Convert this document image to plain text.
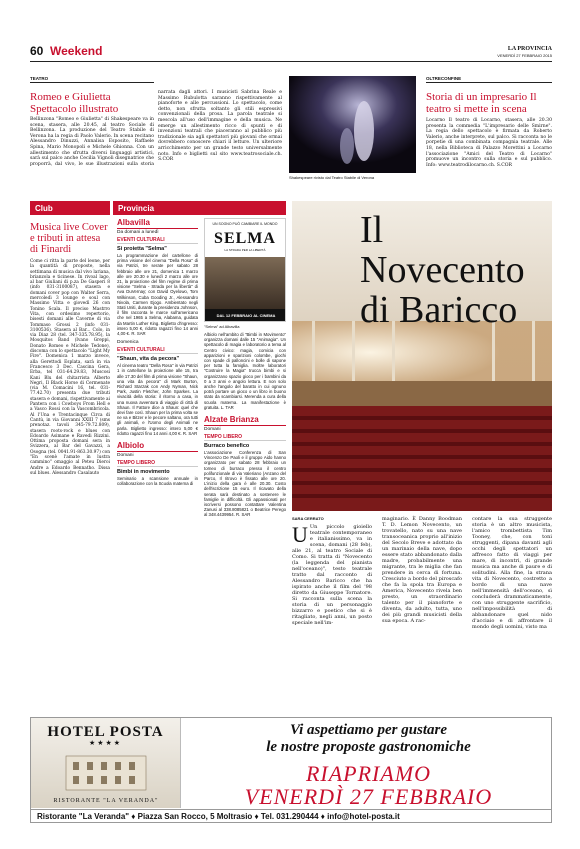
60 Weekend	LA PROVINCIA
VENERDÌ 27 FEBBRAIO 2015
TEATRO
Romeo e Giulietta Spettacolo illustrato
Bellinzona "Romeo e Giulietta" di Shakespeare va in scena, stasera, alle 20.45, al teatro Sociale di Bellinzona. La produzione del Teatro Stabile di Verona ha la regia di Paolo Valerio. In scena recitano Alessandro Dinuzzi, Annalisa Esposito, Raffaele Spina, Mario Monopoli e Michele Ghionna. Con un allestimento che sfrutta diversi linguaggi artistici, sarà sul palco anche Cecilia Vignoli disegnatrice che proporrà, dal vivo, le sue illustrazioni sulla storia narrata dagli attori. I musicisti Sabrina Reale e Massimo Rubulotta saranno rispettivamente al pianoforte e alle percussioni. Lo spettacolo, come detto, non sfrutta soltanto gli stili espressivi convenzionali della prosa. La parola teatrale si mescola all'uso dell'immagine e della musica. Ne emerge un allestimento ricco di spunti e di invenzioni teatrali che piaceranno al pubblico più tradizionale sia agli spettatori più giovani che ormai dovrebbero conoscere chiari il letture. Un ulteriore arricchimento per un grande testo universalmente noto. Info e biglietti sul sito www.teatrosociale.ch. S.COR
Shakespeare rivisto dal Teatro Stabile di Verona
OLTRECONFINE
Storia di un impresario Il teatro si mette in scena
Locarno Il teatro di Locarno, stasera, alle 20.30 presenta la commedia "L'impresario delle Smirne". La regia dello spettacolo è firmata da Roberto Valerio, anche interprete, sul palco. Si racconta no le porpetie di una combinata compagnia teatrale. Alle 18, nella Biblioteca di Palazzo Morettini a Locarno l'associazione "Amici del Teatro di Locarno" promuove un incontro sulla storia e sul pubblico. Info: www.teatrodilocarno.ch. S.COR
Club	Provincia
Musica live Cover e tributi in attesa di Finardi
Come ci ritta la parte del leone, per la quantità di proposte, nella settimana di musica dal vivo lariana, brianzola e ticinese. In rivoal lago, al bar Giuliani di p.za De Gasperi 8 (info 031-3100087), stasera e domani cover pop con Walter Serra, mercoledì 3 lounge e soul con Massimo Vitta e giovedì 26 con Tonino Scala. Il preciso Mastrro Vita, con ordesimo repertorio, bisesti domani alle Caverne di via Tommaso Grossi 2 (info 031-3100536). Stasera al Bar... Colo, in via Diaz 28 (tel. 347-335.78.95), la Mosquitos Band (Ivano Greppi, Donato Romeo e Michele Tedone), discoma con lo spettacolo "Light My Fire". Domenica 1 marzo invece, alla Gerettodi Esplata, sarà in via Francesco 3 Dec. Cascina Gera, Erba, tel 031-64.29.83, Muscosi Kani Blu del chitarrista Alberto Negri, Il Black Horse di Cermenate (via M. Comacini 16, tel. 031-77.42.70) presenta due tributi stasera e domani, rispettivamente ai Pantera con i Cowboys From Hell e a Vasco Rossi con la Vascombricola. Al l'Una e Trentacinque Circa di Cantù, in via Giovanni XXIII 7 (sms prenotaz. tavoli 345-79.72.809), stasera roots-rock e blues con Edoardo Asimane e Ravedi Rizzini. Ottima proposta domani sera in Svizzera, al Bar del Gavazzi, a Osogna (tel. 0041.91-863.30.97) con "En scenè l'amate in lustra cammino" omaggio al Peteu Dieroi Andre a Edoardo Bennatho. Dissa sul blues. Alessandro Casalauto
Albavilla
Da domani a lunedì
EVENTI CULTURALI
Si proietta "Selma"
La programmazione del cartellone di prima visione del cinema "Della Rosa" di via Patrizi, tre serate per sabato 28 febbraio alle ore 21, domenica 1 marzo alle ore 20.30 e lunedì 2 marzo alle ore 21, la proiezione del film regime di prima visione "Selma - Strada per la libertà" di Ava DuVernay; con David Oyelowo, Tom Wilkinson, Cuba Gooding Jr., Alessandro Nivola, Carmen Ejogo. Ambientato negli Stati Uniti, durante la presidenza Johnson, il film racconta le marce sull'americano che nel 1965 a Selma, Alabama, guidata da Martin Luther King. Biglietto d'ingresso: intero 5,00 €, ridotto ragazzi fino 14 anni 4,00 €. R. SAR
Domenica
EVENTI CULTURALI
"Shaun, vita da pecora"
Al cinema teatro "Della Rosa" in via Patrizi 1 in cartellone la proiezione alle 15, tra alle 17.30 del film di prima visione "Shaun, una vita da pecora" di Mark Burton, Richard Starzak con Andy Nyman, Nick Park, Justin Fletcher, John Sparkes. La vivacità della storia: il ritorno a casa, in una nuova avventura di viaggio di città di Shaun. Il Fattore dice a Shaun: quel che devi fare così. Shaun per la prima volta se ne va e Bitzer e le pecore saltano, ora tutti gli animali, e l'Uomo degli Animali ne parla. Biglietto ingresso: intero 5,00 € ridotto ragazzi fino 14 anni 4,00 €. R. SAR
Albiolo
Domani
TEMPO LIBERO
Bimbi in movimento
Seminario a scansione annuale in collaborazione con la Scuola materna di
UN SOGNO PUÒ CAMBIARE IL MONDO
SELMA
LA STRADA PER LA LIBERTÀ
DAL 12 FEBBRAIO AL CINEMA
"Selma" ad Albavilla
Albiolo nell'ambito di "Bimbi in Movimento" organizza domani dalle 15 "Animagia". Un spettacolo di magia e laboratorio a tema al Centro civico: magia, comicia con apparizioni e sparizioni colombe, giochi con spade di palloncini e bolle di sapone per tutta la famiglia. Inoltre laboratori "Costruire la Magia" trucca bimbi e si organizzano spazio gioco per i bambini da 0 a 3 anni e angolo lettura. E non solo anche l'angolo del baratto in cui ognuno potrà portare un gioco o un libro in buono stato da scambiarsi. Merenda a cura della scuola materna. La manifestazione è gratuita. L. TAR
Alzate Brianza
Domani
TEMPO LIBERO
Burraco benefico
L'associazione Conferenza di San Vincenzo De Paoli e il gruppo Aido hanno organizzato per sabato 28 febbraio un torneo di burraco presso il centro polifunzionale di via Valeriano (Anzano del Parco, Il ritrovo è fissato alle ore 20. L'inizio della gara è alle 20.30. Costo dell'iscrizione 15 euro. Il ricavato della serata sarà destinato a sostenere le famiglie in difficoltà. Gli appassionati per iscriversi possono contattare Valentina Zanusi al 338.8085821 o Beatrice Perego al 348.4439954. R. SAR
Il Novecento di Baricco
SARA CERRATO
U Un piccolo gioiello teatrale contemporaneo e italianissimo, va in scena, domani (28 feb), alle 21, al teatro Sociale di Como. Si tratta di "Novecento (la leggenda del pianista nell'oceano)", testo teatrale tratto dal racconto di Alessandro Baricco che ha ispirato anche il film del '98 diretto da Giuseppe Tornatore. Si racconta sulla scena la storia di un personaggio bizzarro e poetico che si è ritagliato, negli anni, un posto speciale nell'im-
maginario. È Danny Boodman T. D. Lemon Novecento, un trovatello, nato su una nave transoceanica proprio all'inizio del Secolo Breve e adottato da un marinaio della nave, dopo essere stato abbandonato dalla madre, probabilmente una migrante, tra le miglia che fan prendere in cerca di fortuna. Cresciuto a bordo del piroscafo che fa la spola tra Europa e America, Novecento rivela ben presto, un straordinario talento per il pianoforte e diventa, da adulto, tutta, uno dei più grandi musicisti della sua epoca. A rac-
contare la sua struggente storia è un altro musicista, l'amico trombettista Tim Tooney, che, con toni struggenti, dipana davanti agli occhi degli spettatori un affresco fatto di viaggi per mare, di incontri, di grande musica ma anche di paure e di solitudini. Alla fine, la strana vita di Novecento, costretto a bordo di una nave nell'immensità dell'oceano, sì concluderà drammaticamente, con uno struggente sacrificio, nell'impossibilità di abbandonare quel nido d'acciaio e di affrontare il mondo degli uomini, visto ma
HOTEL POSTA
★★★★
RISTORANTE "LA VERANDA"
Vi aspettiamo per gustare
le nostre proposte gastronomiche
RIAPRIAMO
VENERDÌ 27 FEBBRAIO
Ristorante "La Veranda" ♦ Piazza San Rocco, 5 Moltrasio ♦ Tel. 031.290444 ♦ info@hotel-posta.it
